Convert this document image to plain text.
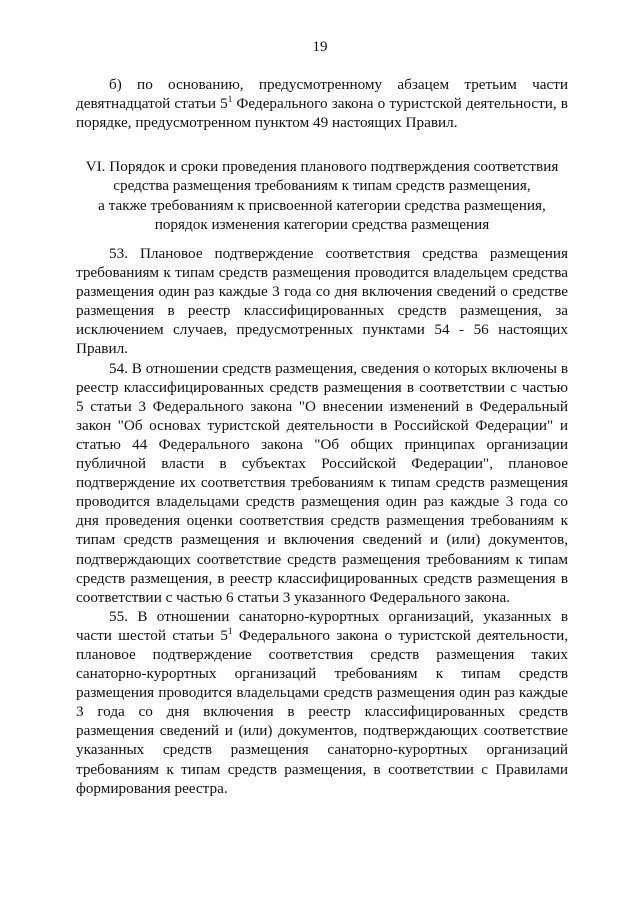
19

б) по основанию, предусмотренному абзацем третьим части девятнадцатой статьи $5^1$ Федерального закона о туристской деятельности, в порядке, предусмотренном пунктом 49 настоящих Правил.

VI. Порядок и сроки проведения планового подтверждения соответствия
средства размещения требованиям к типам средств размещения,
а также требованиям к присвоенной категории средства размещения,
порядок изменения категории средства размещения

53. Плановое подтверждение соответствия средства размещения требованиям к типам средств размещения проводится владельцем средства размещения один раз каждые 3 года со дня включения сведений о средстве размещения в реестр классифицированных средств размещения, за исключением случаев, предусмотренных пунктами 54 - 56 настоящих Правил.

54. В отношении средств размещения, сведения о которых включены в реестр классифицированных средств размещения в соответствии с частью 5 статьи 3 Федерального закона "О внесении изменений в Федеральный закон "Об основах туристской деятельности в Российской Федерации" и статью 44 Федерального закона "Об общих принципах организации публичной власти в субъектах Российской Федерации", плановое подтверждение их соответствия требованиям к типам средств размещения проводится владельцами средств размещения один раз каждые 3 года со дня проведения оценки соответствия средств размещения требованиям к типам средств размещения и включения сведений и (или) документов, подтверждающих соответствие средств размещения требованиям к типам средств размещения, в реестр классифицированных средств размещения в соответствии с частью 6 статьи 3 указанного Федерального закона.

55. В отношении санаторно-курортных организаций, указанных в части шестой статьи $5^1$ Федерального закона о туристской деятельности, плановое подтверждение соответствия средств размещения таких санаторно-курортных организаций требованиям к типам средств размещения проводится владельцами средств размещения один раз каждые 3 года со дня включения в реестр классифицированных средств размещения сведений и (или) документов, подтверждающих соответствие указанных средств размещения санаторно-курортных организаций требованиям к типам средств размещения, в соответствии с Правилами формирования реестра.
